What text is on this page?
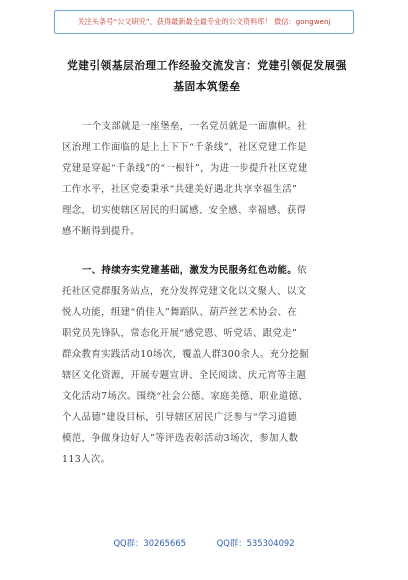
关注头条号“公文研究”，获得最新最全最专业的公文资料库！ 微信：gongwenj
党建引领基层治理工作经验交流发言：党建引领促发展强
基固本筑堡垒
一个支部就是一座堡垒，一名党员就是一面旗帜。社
区治理工作面临的是上上下下“千条线”，社区党建工作是
党建是穿起“千条线”的“一根针”，为进一步提升社区党建
工作水平，社区党委秉承“共建美好遇北共享幸福生活”
理念，切实使辖区居民的归属感、安全感、幸福感、获得
感不断得到提升。
一、持续夯实党建基础，激发为民服务红色动能。依
托社区党群服务站点，充分发挥党建文化以文聚人、以文
悦人功能，组建“俏佳人”舞蹈队、葫芦丝艺术协会、在
职党员先锋队，常态化开展“感党恩、听党话、跟党走”
群众教育实践活动10场次，覆盖人群300余人。充分挖掘
辖区文化资源，开展专题宣讲、全民阅读、庆元宵等主题
文化活动7场次。围绕“社会公德、家庭美德、职业道德、
个人品德”建设目标，引导辖区居民广泛参与“学习道德
模范，争做身边好人”等评选表彰活动3场次，参加人数
113人次。
QQ群：30265665	QQ群：535304092
